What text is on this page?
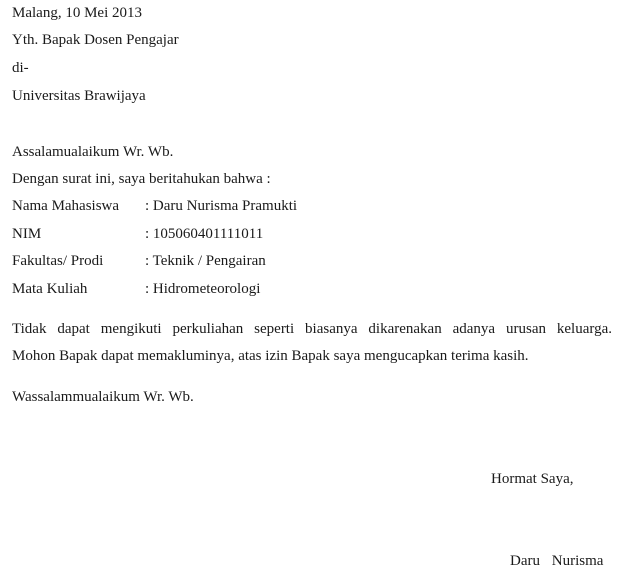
Malang, 10 Mei 2013
Yth. Bapak Dosen Pengajar
di-
Universitas Brawijaya
Assalamualaikum Wr. Wb.
Dengan surat ini, saya beritahukan bahwa :
Nama Mahasiswa : Daru Nurisma Pramukti
NIM	: 105060401111011
Fakultas/ Prodi	: Teknik / Pengairan
Mata Kuliah	: Hidrometeorologi
Tidak dapat mengikuti perkuliahan seperti biasanya dikarenakan adanya urusan keluarga.
Mohon Bapak dapat memakluminya, atas izin Bapak saya mengucapkan terima kasih.
Wassalammualaikum Wr. Wb.
Hormat Saya,
Daru Nurisma
